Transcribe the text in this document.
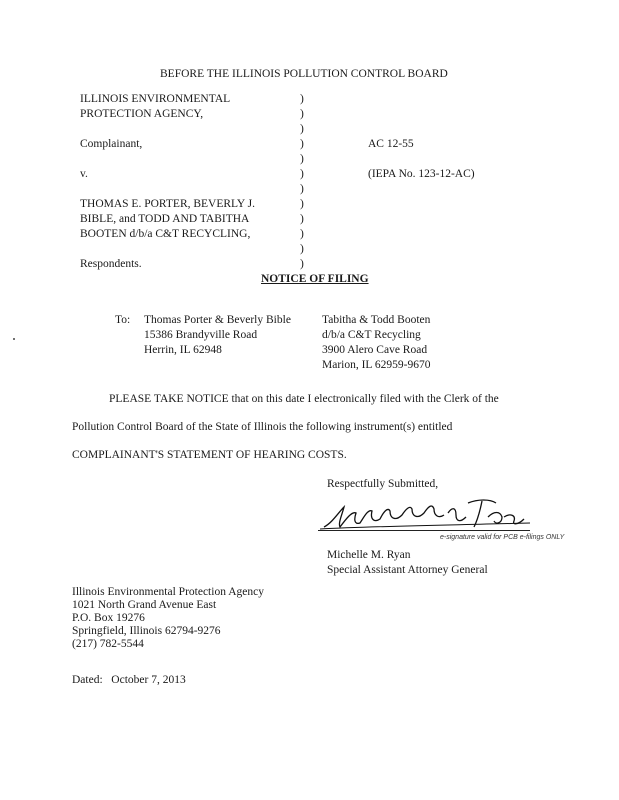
BEFORE THE ILLINOIS POLLUTION CONTROL BOARD
ILLINOIS ENVIRONMENTAL
PROTECTION AGENCY,
Complainant,
v.
THOMAS E. PORTER, BEVERLY J.
BIBLE, and TODD AND TABITHA
BOOTEN d/b/a C&T RECYCLING,
Respondents.
)
)
)
)
)
)
)
)
)
)
)
)
AC 12-55
(IEPA No. 123-12-AC)
NOTICE OF FILING
To: Thomas Porter & Beverly Bible
15386 Brandyville Road
Herrin, IL 62948
Tabitha & Todd Booten
d/b/a C&T Recycling
3900 Alero Cave Road
Marion, IL 62959-9670
PLEASE TAKE NOTICE that on this date I electronically filed with the Clerk of the
Pollution Control Board of the State of Illinois the following instrument(s) entitled
COMPLAINANT'S STATEMENT OF HEARING COSTS.
Respectfully Submitted,
e-signature valid for PCB e-filings ONLY
Michelle M. Ryan
Special Assistant Attorney General
Illinois Environmental Protection Agency
1021 North Grand Avenue East
P.O. Box 19276
Springfield, Illinois 62794-9276
(217) 782-5544
Dated:   October 7, 2013
